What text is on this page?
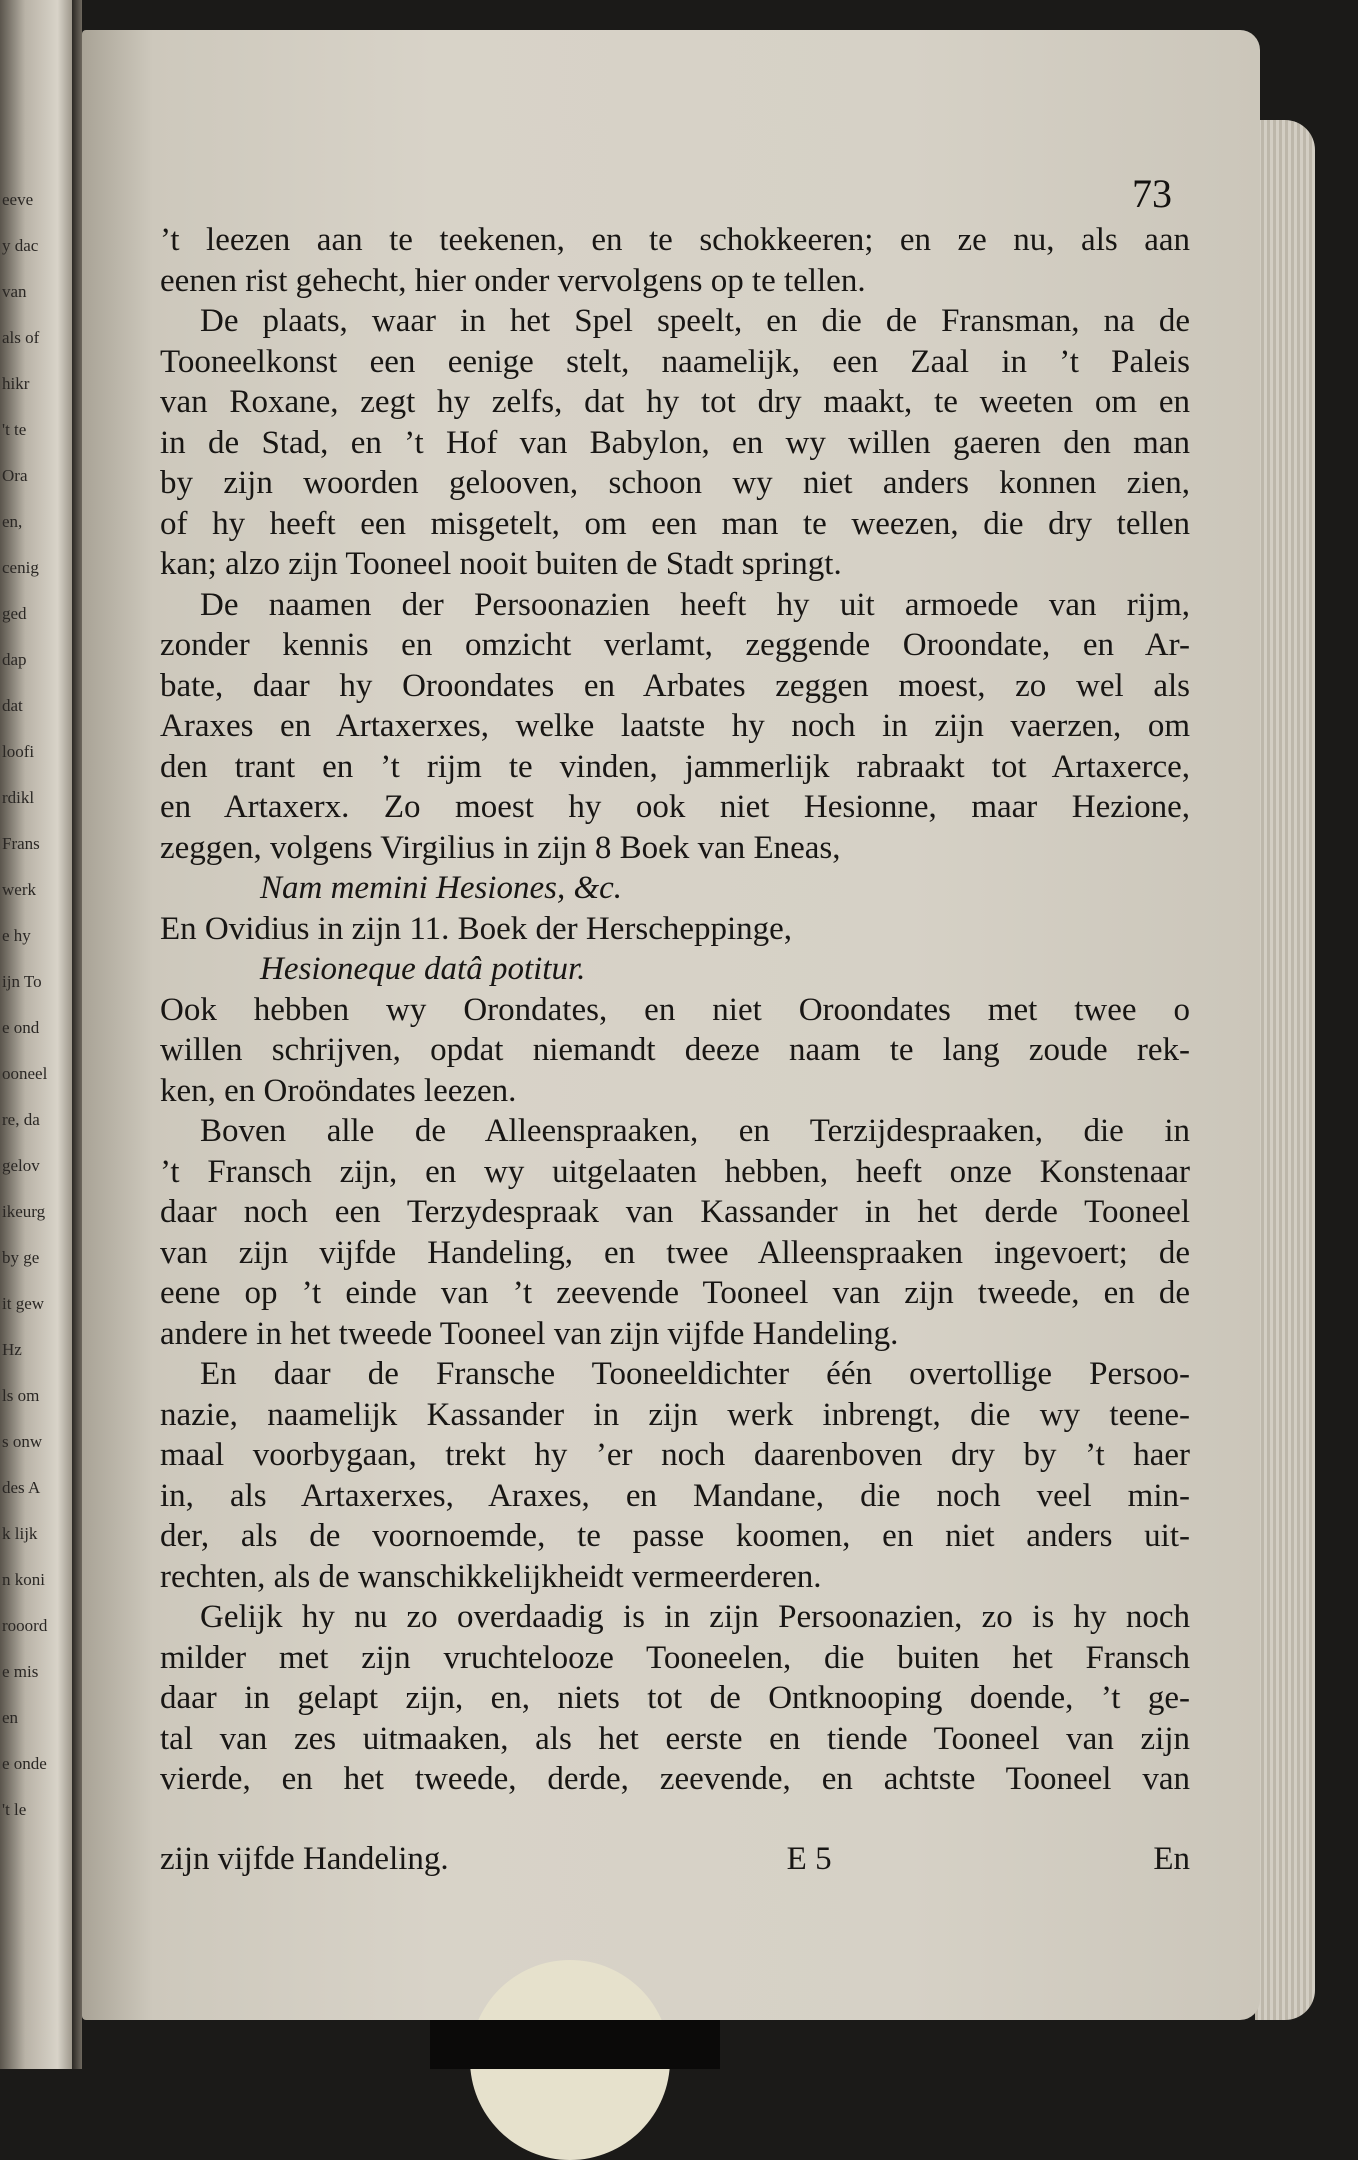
eeve
y dac
van
als of
hikr
't te
Ora
en,
cenig
ged
dap
dat
loofi
rdikl
Frans
werk
e hy
ijn To
e ond
ooneel
re, da
gelov
ikeurg
by ge
it gew
Hz
ls om
s onw
des A
k lijk
n koni
rooord
e mis
en
e onde
't le
73
’t leezen aan te teekenen, en te schokkeeren; en ze nu, als aan
eenen rist gehecht, hier onder vervolgens op te tellen.
De plaats, waar in het Spel speelt, en die de Fransman, na de
Tooneelkonst een eenige stelt, naamelijk, een Zaal in ’t Paleis
van Roxane, zegt hy zelfs, dat hy tot dry maakt, te weeten om en
in de Stad, en ’t Hof van Babylon, en wy willen gaeren den man
by zijn woorden gelooven, schoon wy niet anders konnen zien,
of hy heeft een misgetelt, om een man te weezen, die dry tellen
kan; alzo zijn Tooneel nooit buiten de Stadt springt.
De naamen der Persoonazien heeft hy uit armoede van rijm,
zonder kennis en omzicht verlamt, zeggende Oroondate, en Ar-
bate, daar hy Oroondates en Arbates zeggen moest, zo wel als
Araxes en Artaxerxes, welke laatste hy noch in zijn vaerzen, om
den trant en ’t rijm te vinden, jammerlijk rabraakt tot Artaxerce,
en Artaxerx. Zo moest hy ook niet Hesionne, maar Hezione,
zeggen, volgens Virgilius in zijn 8 Boek van Eneas,
Nam memini Hesiones, &c.
En Ovidius in zijn 11. Boek der Herscheppinge,
Hesioneque datâ potitur.
Ook hebben wy Orondates, en niet Oroondates met twee o
willen schrijven, opdat niemandt deeze naam te lang zoude rek-
ken, en Oroöndates leezen.
Boven alle de Alleenspraaken, en Terzijdespraaken, die in
’t Fransch zijn, en wy uitgelaaten hebben, heeft onze Konstenaar
daar noch een Terzydespraak van Kassander in het derde Tooneel
van zijn vijfde Handeling, en twee Alleenspraaken ingevoert; de
eene op ’t einde van ’t zeevende Tooneel van zijn tweede, en de
andere in het tweede Tooneel van zijn vijfde Handeling.
En daar de Fransche Tooneeldichter één overtollige Persoo-
nazie, naamelijk Kassander in zijn werk inbrengt, die wy teene-
maal voorbygaan, trekt hy ’er noch daarenboven dry by ’t haer
in, als Artaxerxes, Araxes, en Mandane, die noch veel min-
der, als de voornoemde, te passe koomen, en niet anders uit-
rechten, als de wanschikkelijkheidt vermeerderen.
Gelijk hy nu zo overdaadig is in zijn Persoonazien, zo is hy noch
milder met zijn vruchtelooze Tooneelen, die buiten het Fransch
daar in gelapt zijn, en, niets tot de Ontknooping doende, ’t ge-
tal van zes uitmaaken, als het eerste en tiende Tooneel van zijn
vierde, en het tweede, derde, zeevende, en achtste Tooneel van
zijn vijfde Handeling.	E 5	En
